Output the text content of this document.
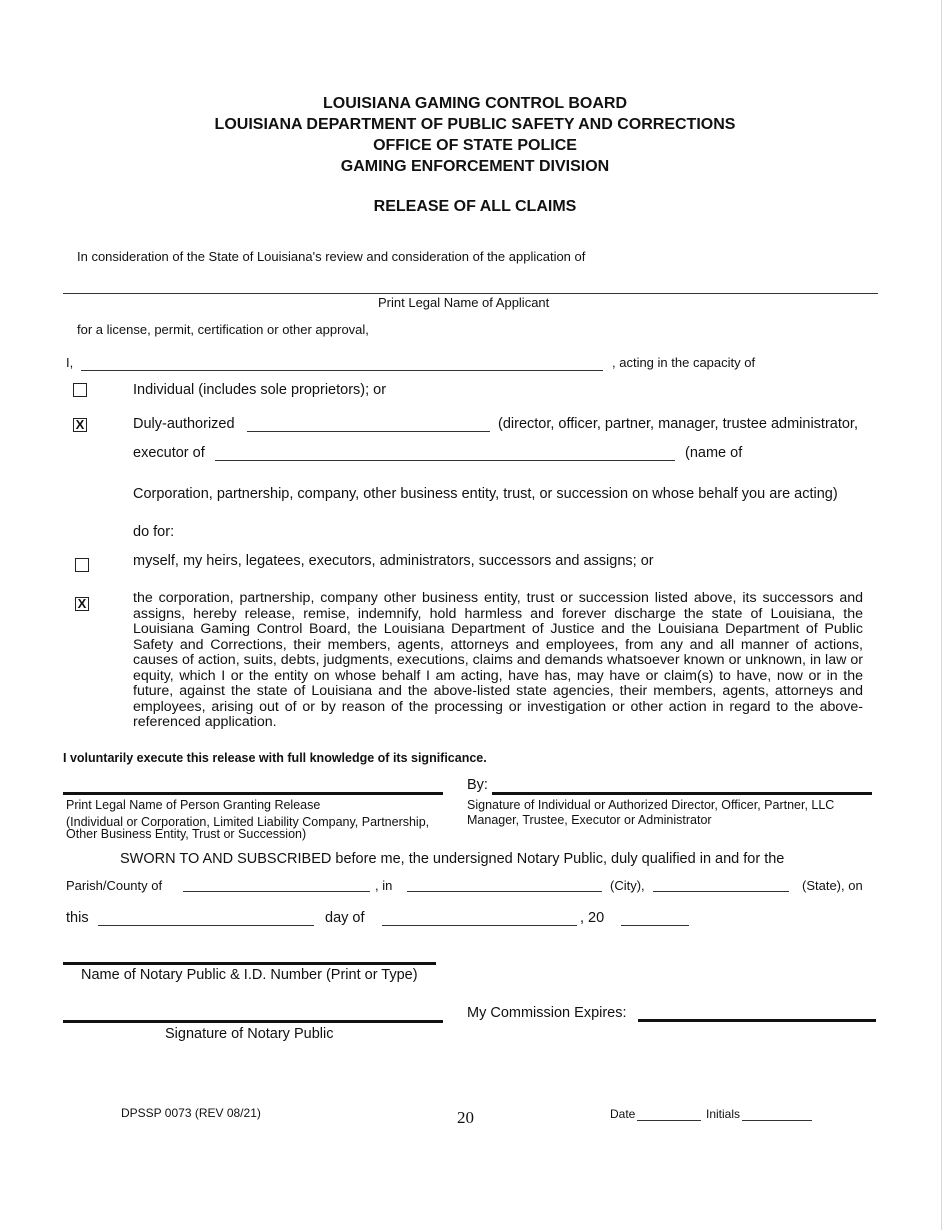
LOUISIANA GAMING CONTROL BOARD
LOUISIANA DEPARTMENT OF PUBLIC SAFETY AND CORRECTIONS
OFFICE OF STATE POLICE
GAMING ENFORCEMENT DIVISION
RELEASE OF ALL CLAIMS
In consideration of the State of Louisiana's review and consideration of the application of
Print Legal Name of Applicant
for a license, permit, certification or other approval,
I,	, acting in the capacity of
Individual (includes sole proprietors); or
X	Duly-authorized	(director, officer, partner, manager, trustee administrator,
executor of	(name of
Corporation, partnership, company, other business entity, trust, or succession on whose behalf you are acting)
do for:
myself, my heirs, legatees, executors, administrators, successors and assigns; or
X	the corporation, partnership, company other business entity, trust or succession listed above, its successors and assigns, hereby release, remise, indemnify, hold harmless and forever discharge the state of Louisiana, the Louisiana Gaming Control Board, the Louisiana Department of Justice and the Louisiana Department of Public Safety and Corrections, their members, agents, attorneys and employees, from any and all manner of actions, causes of action, suits, debts, judgments, executions, claims and demands whatsoever known or unknown, in law or equity, which I or the entity on whose behalf I am acting, have has, may have or claim(s) to have, now or in the future, against the state of Louisiana and the above-listed state agencies, their members, agents, attorneys and employees, arising out of or by reason of the processing or investigation or other action in regard to the above-referenced application.
I voluntarily execute this release with full knowledge of its significance.
By:
Print Legal Name of Person Granting Release
(Individual or Corporation, Limited Liability Company, Partnership,
Other Business Entity, Trust or Succession)
Signature of Individual or Authorized Director, Officer, Partner, LLC
Manager, Trustee, Executor or Administrator
SWORN TO AND SUBSCRIBED before me, the undersigned Notary Public, duly qualified in and for the
Parish/County of	, in	(City),	(State), on
this	day of	, 20
Name of Notary Public & I.D. Number (Print or Type)
My Commission Expires:
Signature of Notary Public
DPSSP 0073 (REV 08/21)	20	Date	Initials
